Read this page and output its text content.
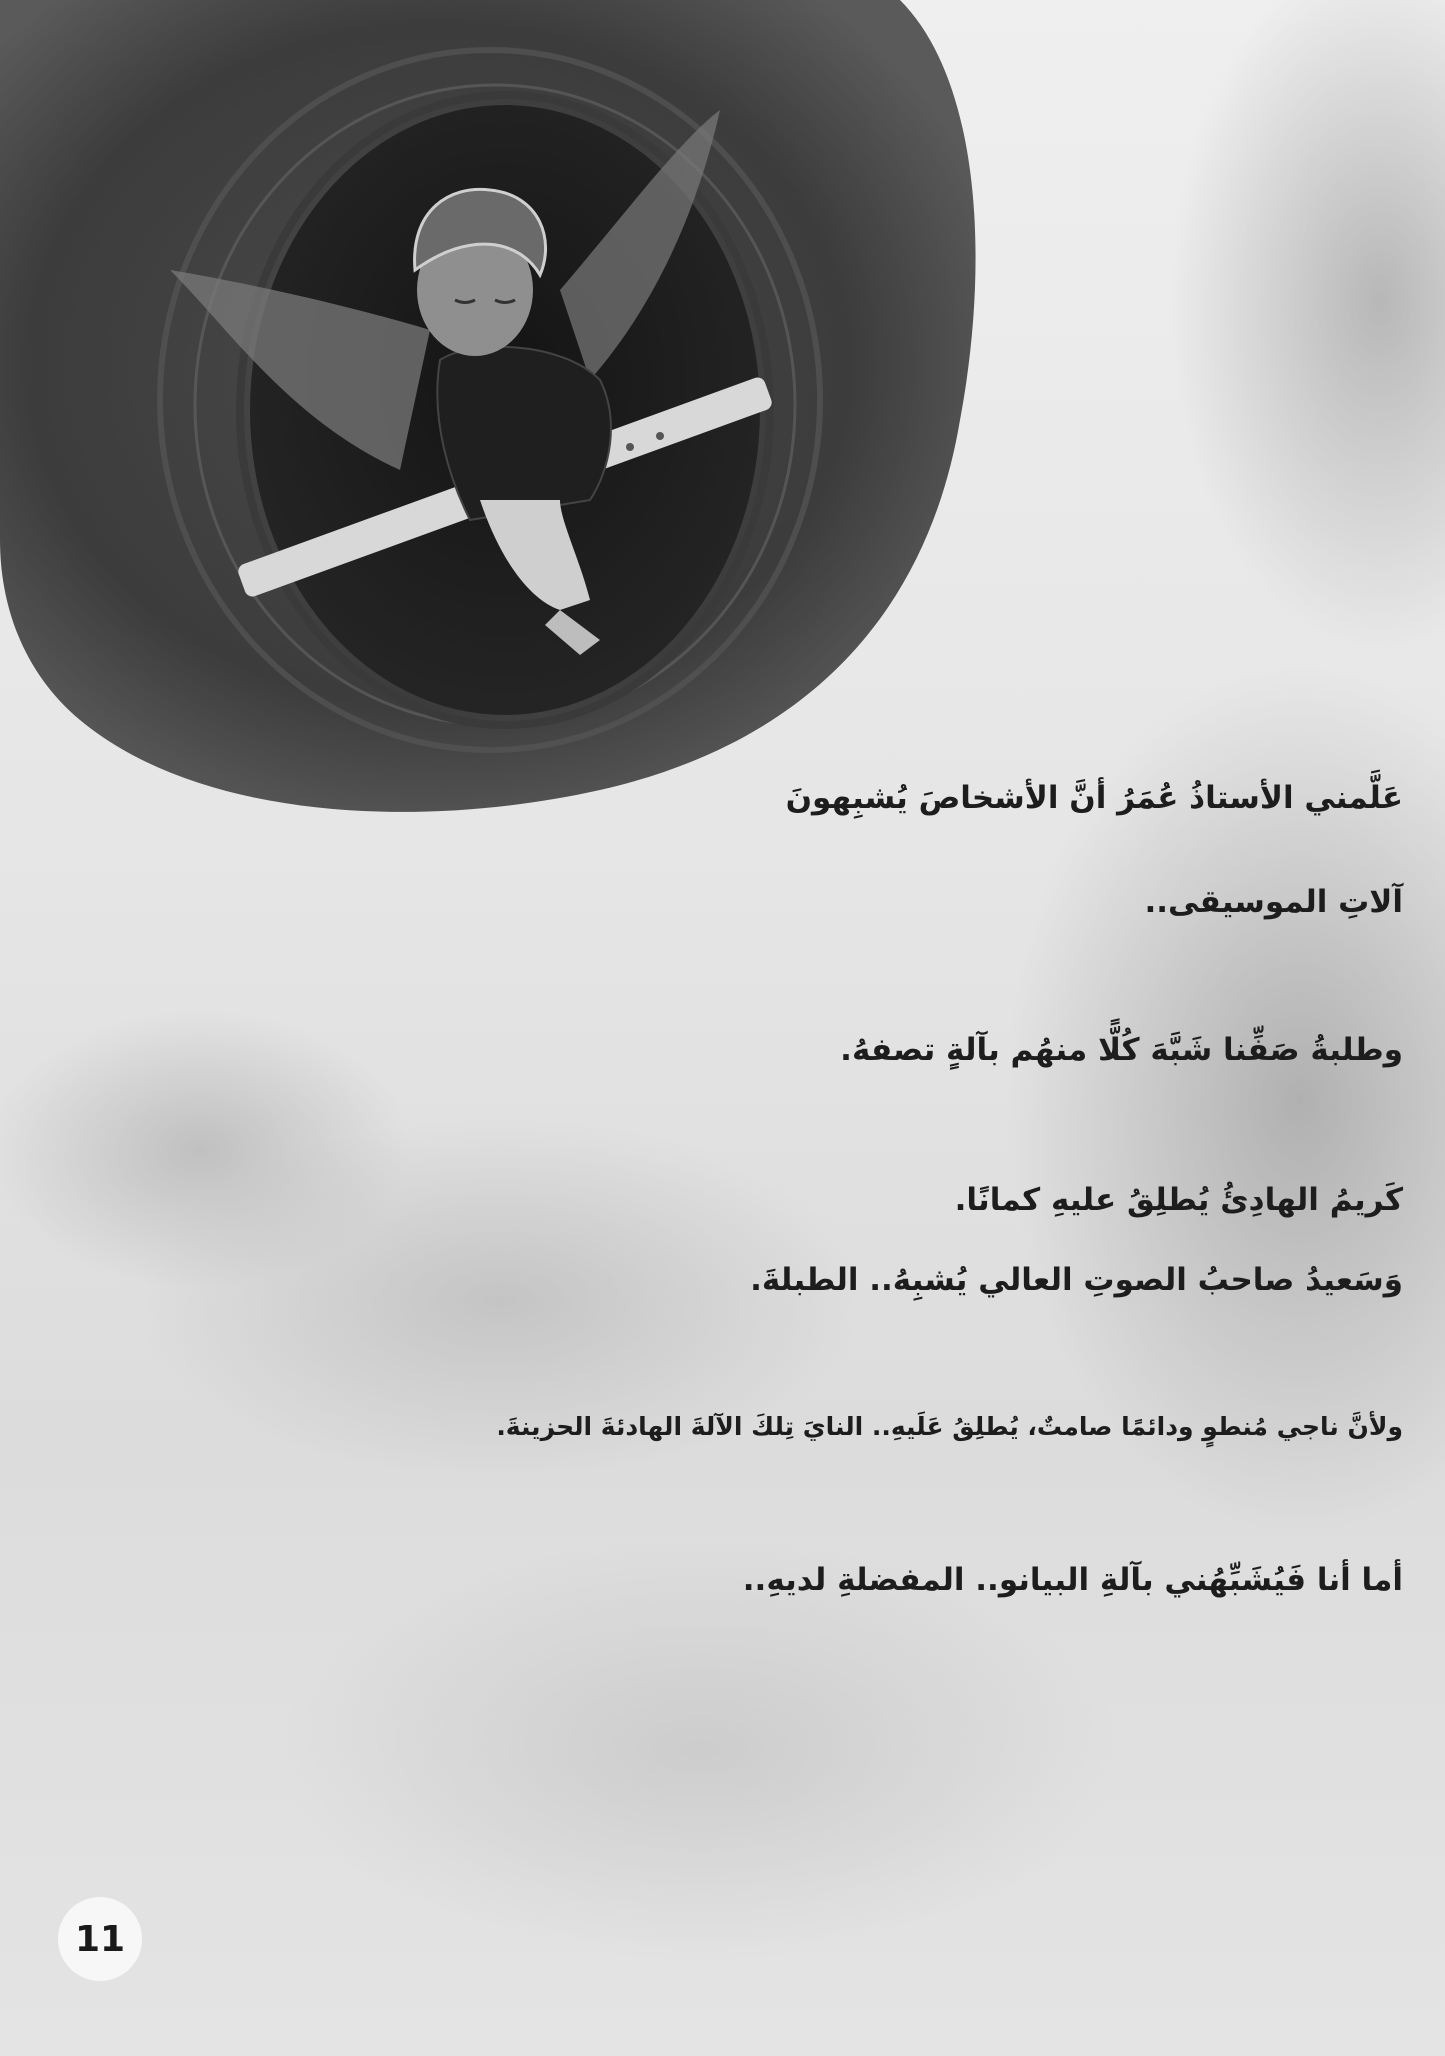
عَلَّمني الأستاذُ عُمَرُ أنَّ الأشخاصَ يُشبِهونَ
آلاتِ الموسيقى..
وطلبةُ صَفِّنا شَبَّهَ كُلًّا منهُم بآلةٍ تصفهُ.
كَريمُ الهادِئُ يُطلِقُ عليهِ كمانًا.
وَسَعيدُ صاحبُ الصوتِ العالي يُشبِهُ.. الطبلةَ.
ولأنَّ ناجي مُنطوٍ ودائمًا صامتٌ، يُطلِقُ عَلَيهِ.. النايَ تِلكَ الآلةَ الهادئةَ الحزينةَ.
أما أنا فَيُشَبِّهُني بآلةِ البيانو.. المفضلةِ لديهِ..
11
